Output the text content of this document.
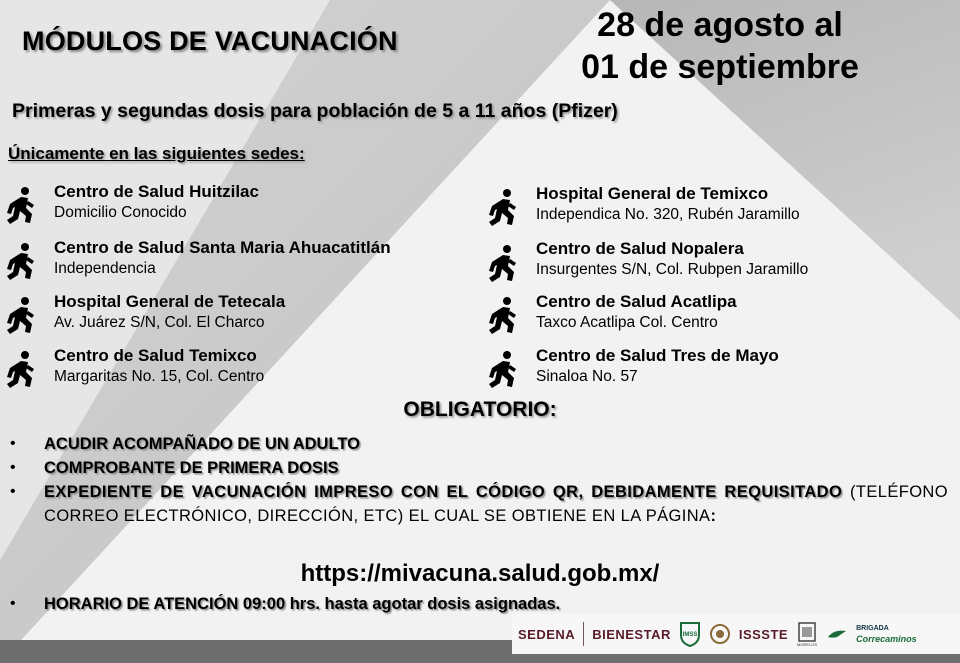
MÓDULOS DE VACUNACIÓN	28 de agosto al
01 de septiembre
Primeras y segundas dosis para población de 5 a 11 años (Pfizer)
Únicamente en las siguientes sedes:
Centro de Salud Huitzilac
Domicilio Conocido
Centro de Salud Santa Maria Ahuacatitlán
Independencia
Hospital General de Tetecala
Av. Juárez S/N, Col. El Charco
Centro de Salud Temixco
Margaritas No. 15, Col. Centro
Hospital General de Temixco
Independica No. 320, Rubén Jaramillo
Centro de Salud Nopalera
Insurgentes S/N, Col. Rubpen Jaramillo
Centro de Salud Acatlipa
Taxco Acatlipa Col. Centro
Centro de Salud Tres de Mayo
Sinaloa No. 57
OBLIGATORIO:
• ACUDIR ACOMPAÑADO DE UN ADULTO
• COMPROBANTE DE PRIMERA DOSIS
• EXPEDIENTE DE VACUNACIÓN IMPRESO CON EL CÓDIGO QR, DEBIDAMENTE REQUISITADO (TELÉFONO CORREO ELECTRÓNICO, DIRECCIÓN, ETC) EL CUAL SE OBTIENE EN LA PÁGINA:
https://mivacuna.salud.gob.mx/
• HORARIO DE ATENCIÓN 09:00 hrs. hasta agotar dosis asignadas.
SEDENA BIENESTAR IMSS	ISSSTE
MORELOS
BRIGADA
Correcaminos
